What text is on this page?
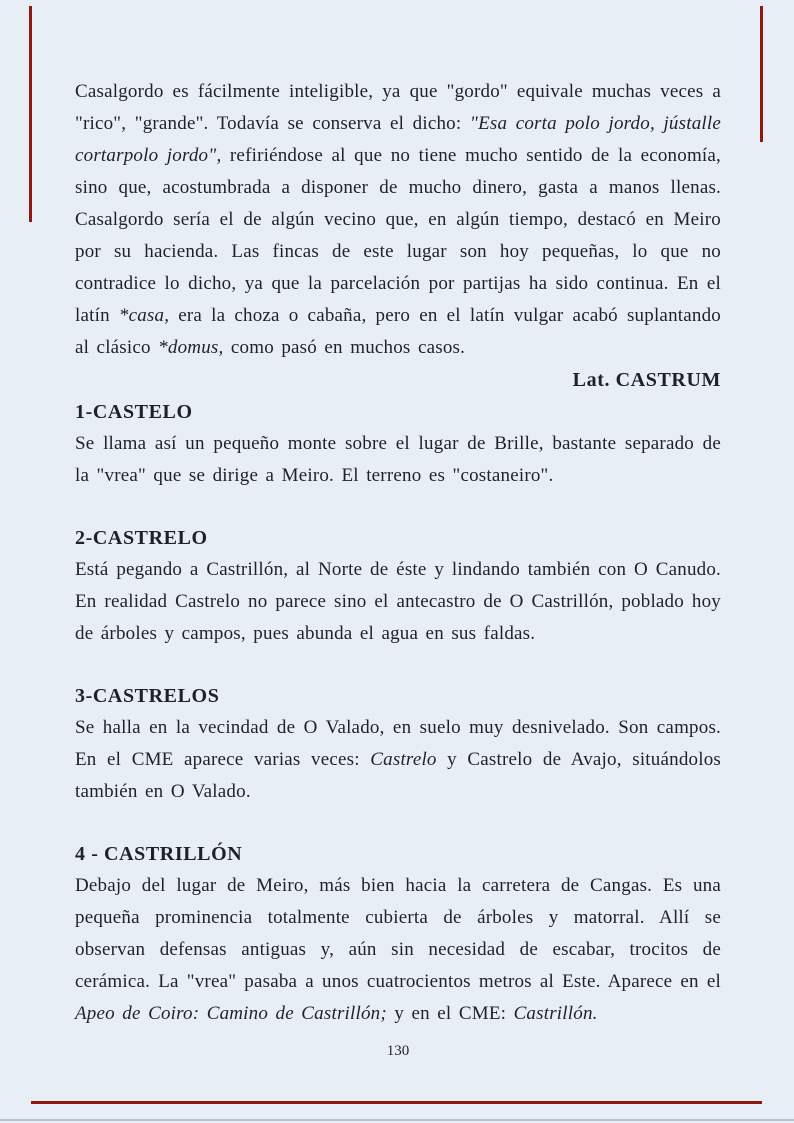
Casalgordo es fácilmente inteligible, ya que "gordo" equivale muchas veces a "rico", "grande". Todavía se conserva el dicho: "Esa corta polo jordo, jústalle cortarpolo jordo", refiriéndose al que no tiene mucho sentido de la economía, sino que, acostumbrada a disponer de mucho dinero, gasta a manos llenas. Casalgordo sería el de algún vecino que, en algún tiempo, destacó en Meiro por su hacienda. Las fincas de este lugar son hoy pequeñas, lo que no contradice lo dicho, ya que la parcelación por partijas ha sido continua. En el latín *casa, era la choza o cabaña, pero en el latín vulgar acabó suplantando al clásico *domus, como pasó en muchos casos.

Lat. CASTRUM
1-CASTELO

Se llama así un pequeño monte sobre el lugar de Brille, bastante separado de la "vrea" que se dirige a Meiro. El terreno es "costaneiro".

2-CASTRELO

Está pegando a Castrillón, al Norte de éste y lindando también con O Canudo. En realidad Castrelo no parece sino el antecastro de O Castrillón, poblado hoy de árboles y campos, pues abunda el agua en sus faldas.

3-CASTRELOS

Se halla en la vecindad de O Valado, en suelo muy desnivelado. Son campos. En el CME aparece varias veces: Castrelo y Castrelo de Avajo, situándolos también en O Valado.

4 - CASTRILLÓN

Debajo del lugar de Meiro, más bien hacia la carretera de Cangas. Es una pequeña prominencia totalmente cubierta de árboles y matorral. Allí se observan defensas antiguas y, aún sin necesidad de escabar, trocitos de cerámica. La "vrea" pasaba a unos cuatrocientos metros al Este. Aparece en el Apeo de Coiro: Camino de Castrillón; y en el CME: Castrillón.

130
